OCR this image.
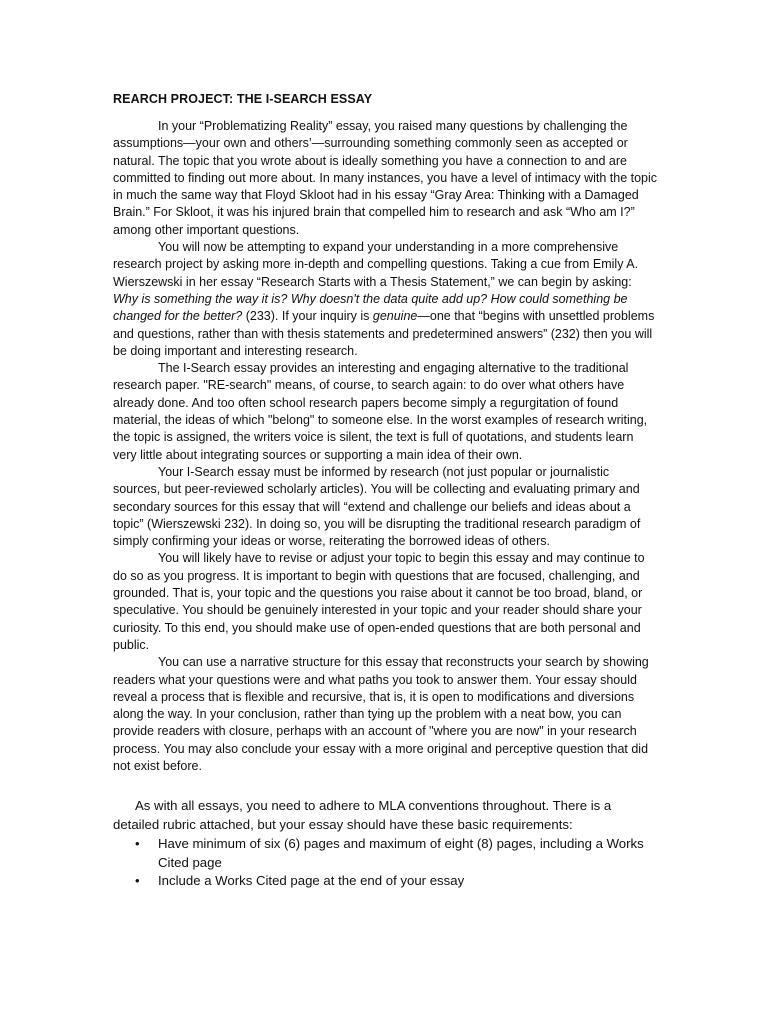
REARCH PROJECT: THE I-SEARCH ESSAY

In your “Problematizing Reality” essay, you raised many questions by challenging the assumptions—your own and others’—surrounding something commonly seen as accepted or natural. The topic that you wrote about is ideally something you have a connection to and are committed to finding out more about. In many instances, you have a level of intimacy with the topic in much the same way that Floyd Skloot had in his essay “Gray Area: Thinking with a Damaged Brain.” For Skloot, it was his injured brain that compelled him to research and ask “Who am I?” among other important questions.

You will now be attempting to expand your understanding in a more comprehensive research project by asking more in-depth and compelling questions. Taking a cue from Emily A. Wierszewski in her essay “Research Starts with a Thesis Statement,” we can begin by asking: Why is something the way it is? Why doesn't the data quite add up? How could something be changed for the better? (233). If your inquiry is genuine—one that “begins with unsettled problems and questions, rather than with thesis statements and predetermined answers” (232) then you will be doing important and interesting research.

The I-Search essay provides an interesting and engaging alternative to the traditional research paper. "RE-search" means, of course, to search again: to do over what others have already done. And too often school research papers become simply a regurgitation of found material, the ideas of which "belong" to someone else. In the worst examples of research writing, the topic is assigned, the writers voice is silent, the text is full of quotations, and students learn very little about integrating sources or supporting a main idea of their own.

Your I-Search essay must be informed by research (not just popular or journalistic sources, but peer-reviewed scholarly articles). You will be collecting and evaluating primary and secondary sources for this essay that will “extend and challenge our beliefs and ideas about a topic” (Wierszewski 232). In doing so, you will be disrupting the traditional research paradigm of simply confirming your ideas or worse, reiterating the borrowed ideas of others.

You will likely have to revise or adjust your topic to begin this essay and may continue to do so as you progress. It is important to begin with questions that are focused, challenging, and grounded. That is, your topic and the questions you raise about it cannot be too broad, bland, or speculative. You should be genuinely interested in your topic and your reader should share your curiosity. To this end, you should make use of open-ended questions that are both personal and public.

You can use a narrative structure for this essay that reconstructs your search by showing readers what your questions were and what paths you took to answer them. Your essay should reveal a process that is flexible and recursive, that is, it is open to modifications and diversions along the way. In your conclusion, rather than tying up the problem with a neat bow, you can provide readers with closure, perhaps with an account of "where you are now" in your research process. You may also conclude your essay with a more original and perceptive question that did not exist before.

As with all essays, you need to adhere to MLA conventions throughout. There is a detailed rubric attached, but your essay should have these basic requirements:

• Have minimum of six (6) pages and maximum of eight (8) pages, including a Works Cited page
• Include a Works Cited page at the end of your essay
